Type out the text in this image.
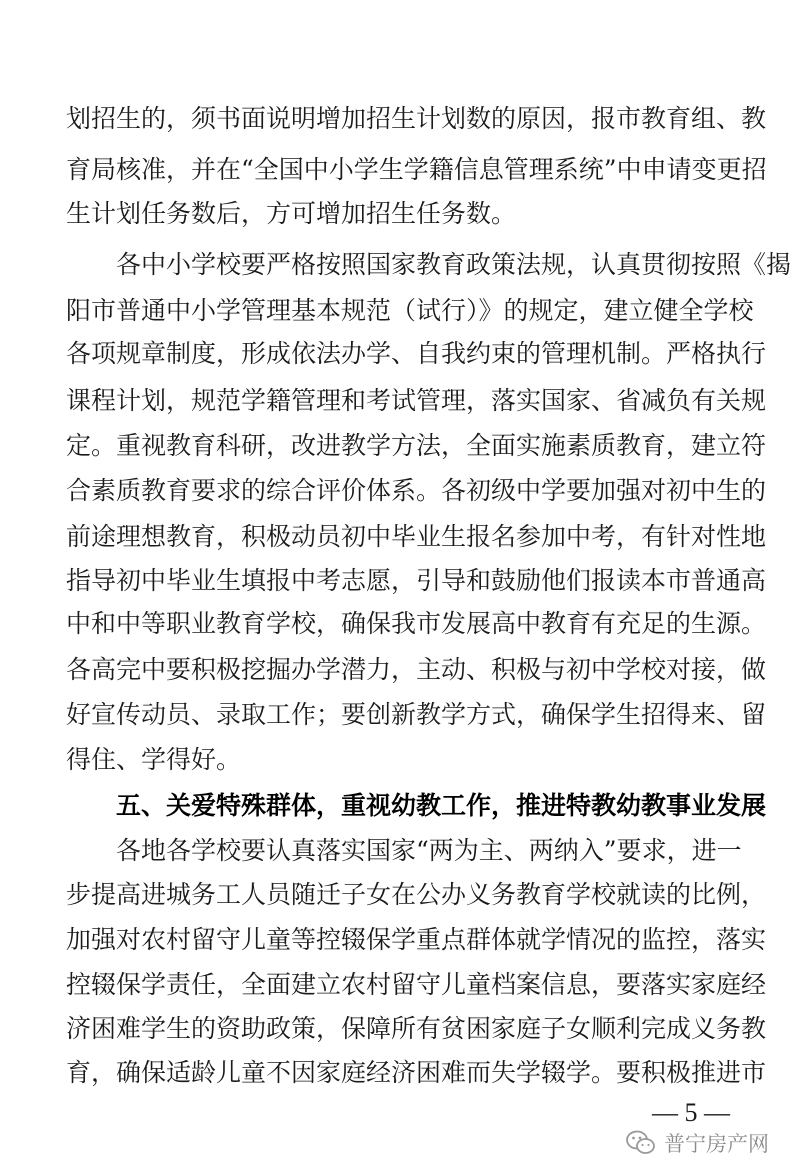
划招生的，须书面说明增加招生计划数的原因，报市教育组、教
育局核准，并在“全国中小学生学籍信息管理系统”中申请变更招
生计划任务数后，方可增加招生任务数。
各中小学校要严格按照国家教育政策法规，认真贯彻按照《揭
阳市普通中小学管理基本规范（试行）》的规定，建立健全学校
各项规章制度，形成依法办学、自我约束的管理机制。严格执行
课程计划，规范学籍管理和考试管理，落实国家、省减负有关规
定。重视教育科研，改进教学方法，全面实施素质教育，建立符
合素质教育要求的综合评价体系。各初级中学要加强对初中生的
前途理想教育，积极动员初中毕业生报名参加中考，有针对性地
指导初中毕业生填报中考志愿，引导和鼓励他们报读本市普通高
中和中等职业教育学校，确保我市发展高中教育有充足的生源。
各高完中要积极挖掘办学潜力，主动、积极与初中学校对接，做
好宣传动员、录取工作；要创新教学方式，确保学生招得来、留
得住、学得好。
五、关爱特殊群体，重视幼教工作，推进特教幼教事业发展
各地各学校要认真落实国家“两为主、两纳入”要求，进一
步提高进城务工人员随迁子女在公办义务教育学校就读的比例，
加强对农村留守儿童等控辍保学重点群体就学情况的监控，落实
控辍保学责任，全面建立农村留守儿童档案信息，要落实家庭经
济困难学生的资助政策，保障所有贫困家庭子女顺利完成义务教
育，确保适龄儿童不因家庭经济困难而失学辍学。要积极推进市
— 5 —
普宁房产网
